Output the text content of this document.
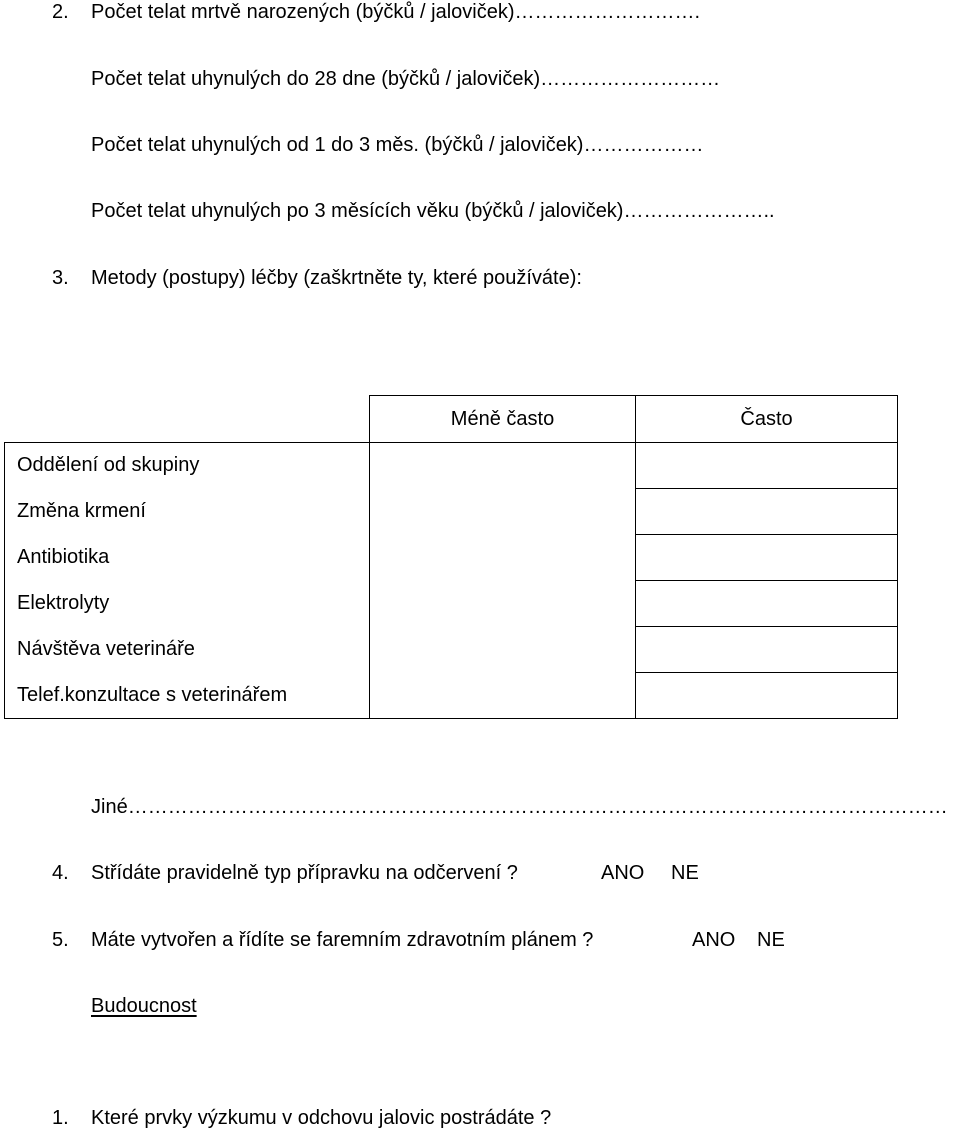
2. Počet telat mrtvě narozených (býčků / jaloviček)……………………….
Počet telat uhynulých do 28 dne (býčků / jaloviček)………………………
Počet telat uhynulých od 1 do 3 měs. (býčků / jaloviček)………………
Počet telat uhynulých po 3 měsících věku (býčků / jaloviček)…………………..
3. Metody (postupy) léčby (zaškrtněte ty, které používáte):
	Méně často	Často
Oddělení od skupiny		
Změna krmení		
Antibiotika		
Elektrolyty		
Návštěva veterináře		
Telef.konzultace s veterinářem		
Jiné……………………………………………………………………………………………………………
4. Střídáte pravidelně typ přípravku na odčervení ?	ANO NE
5. Máte vytvořen a řídíte se faremním zdravotním plánem ?	ANO NE
Budoucnost
1. Které prvky výzkumu v odchovu jalovic postrádáte ?
